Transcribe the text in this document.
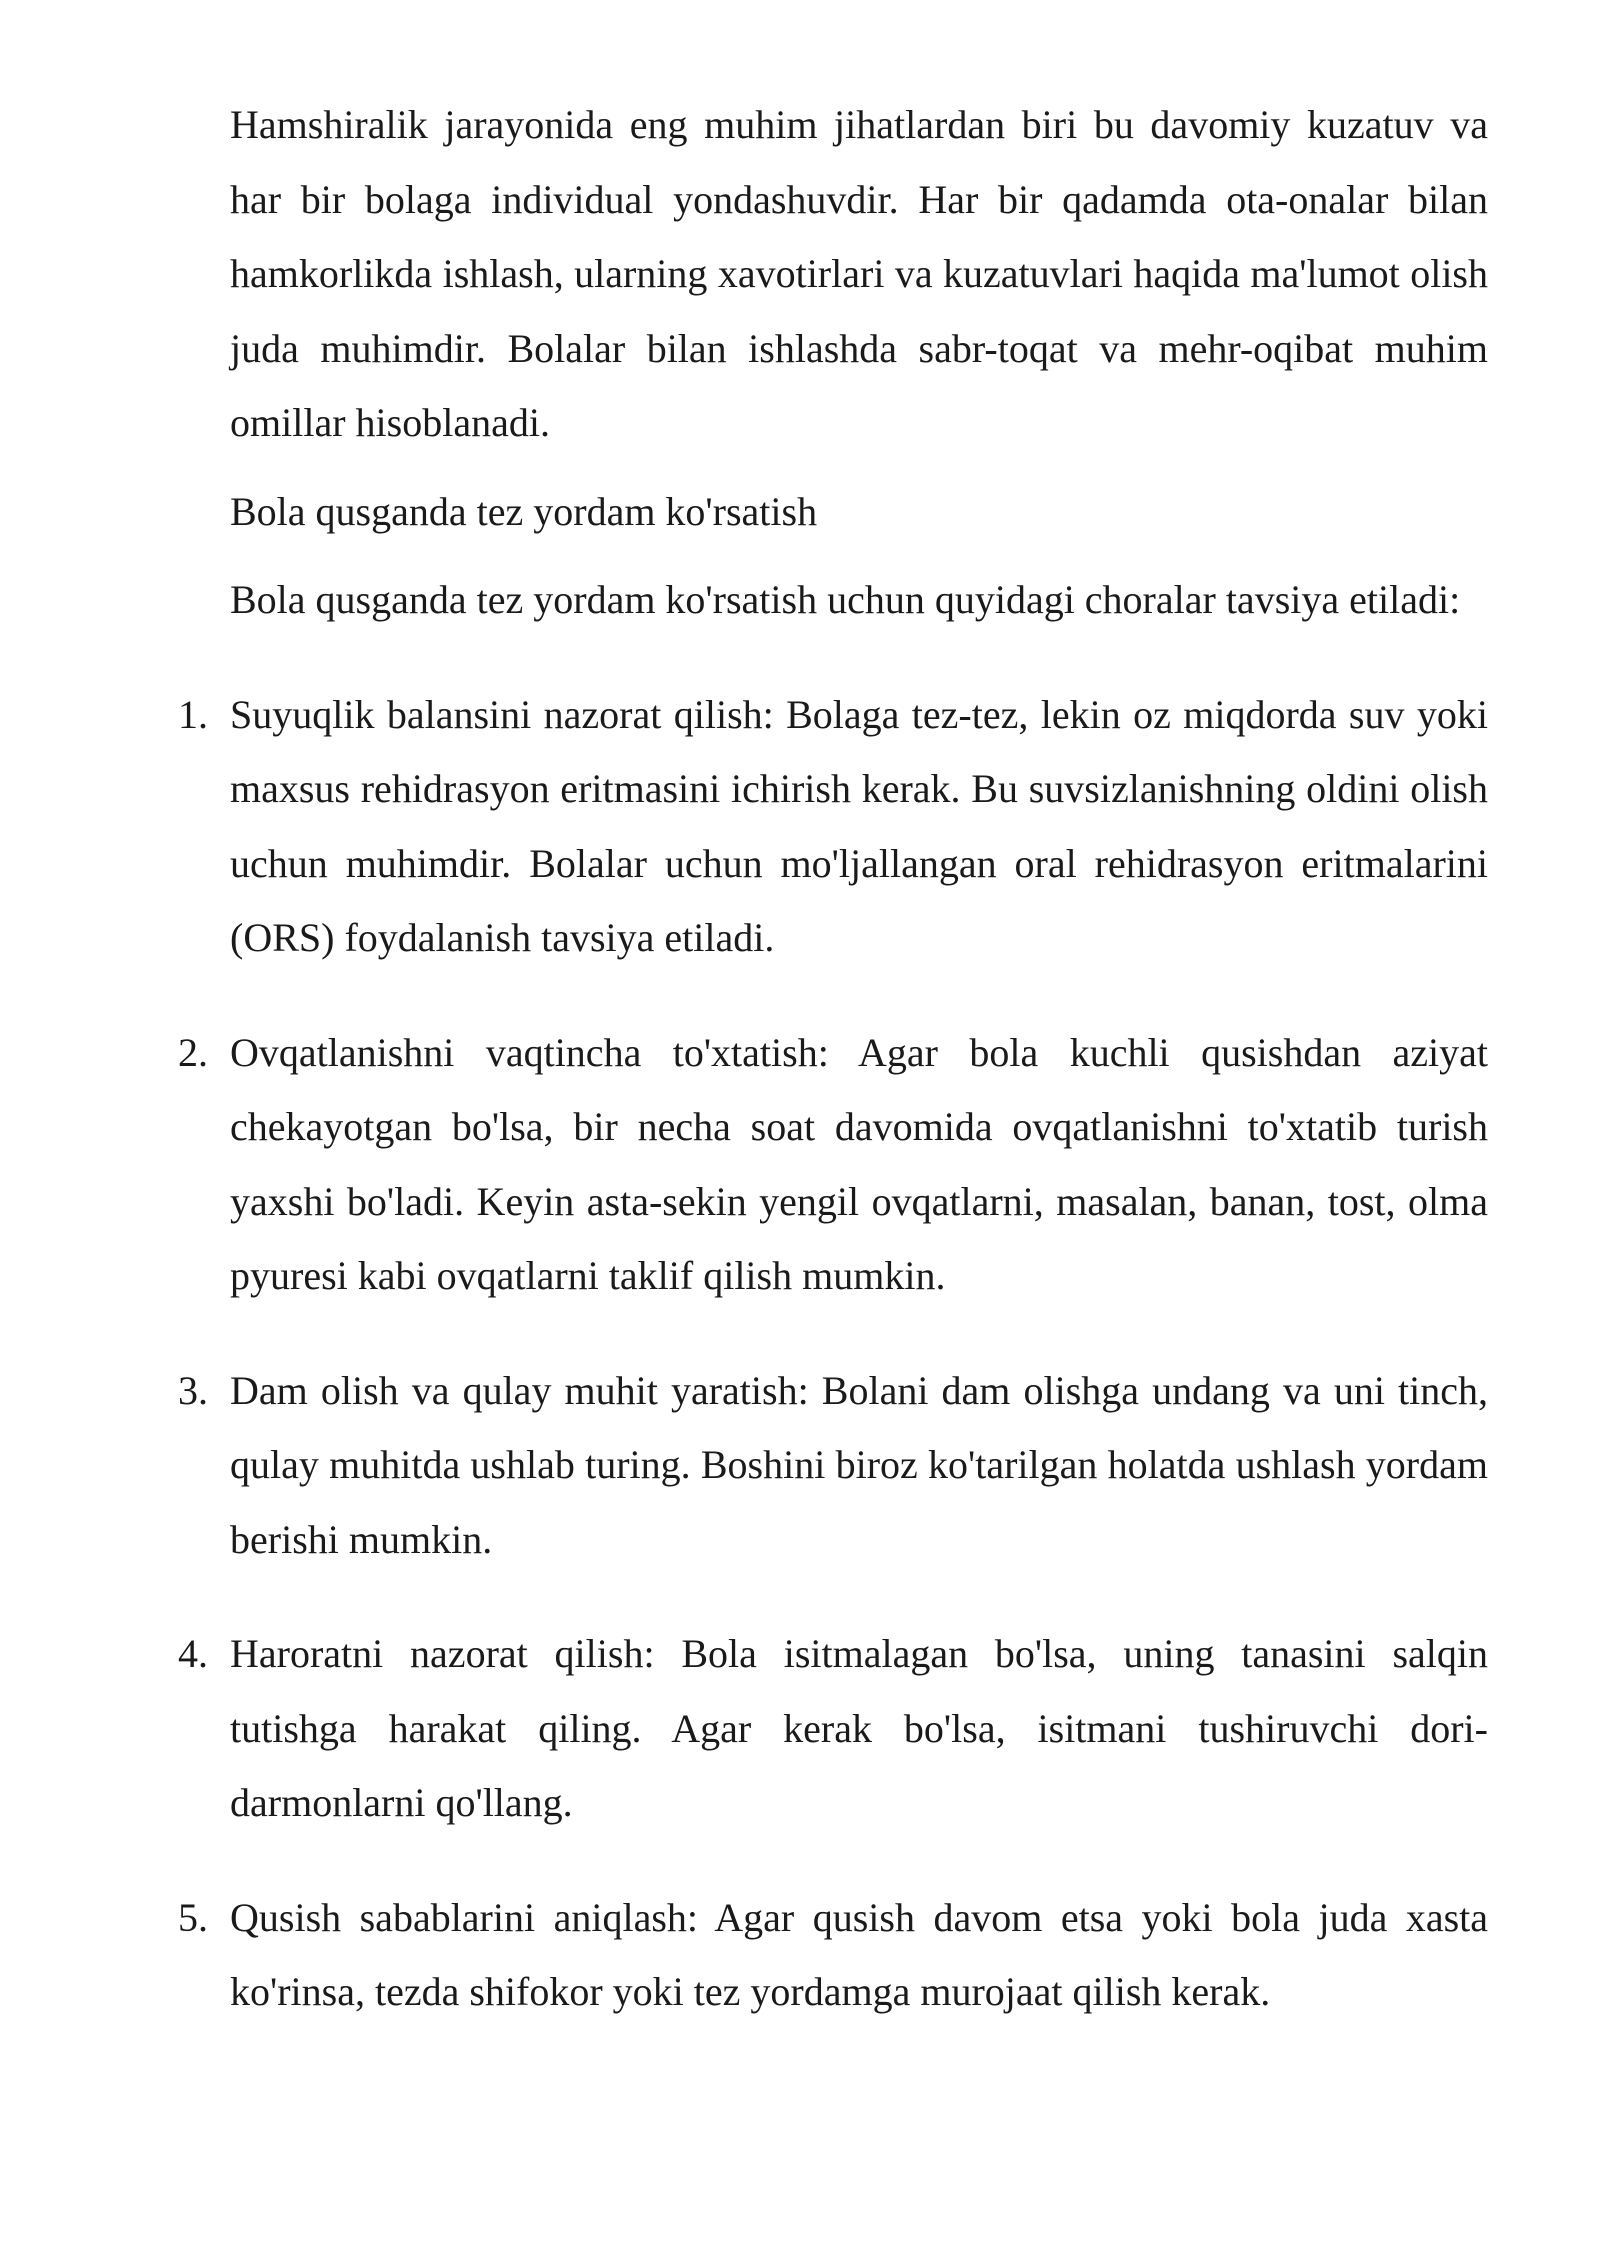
Hamshiralik jarayonida eng muhim jihatlardan biri bu davomiy kuzatuv va har bir bolaga individual yondashuvdir. Har bir qadamda ota-onalar bilan hamkorlikda ishlash, ularning xavotirlari va kuzatuvlari haqida ma'lumot olish juda muhimdir. Bolalar bilan ishlashda sabr-toqat va mehr-oqibat muhim omillar hisoblanadi.

Bola qusganda tez yordam ko'rsatish

Bola qusganda tez yordam ko'rsatish uchun quyidagi choralar tavsiya etiladi:

1. Suyuqlik balansini nazorat qilish: Bolaga tez-tez, lekin oz miqdorda suv yoki maxsus rehidrasyon eritmasini ichirish kerak. Bu suvsizlanishning oldini olish uchun muhimdir. Bolalar uchun mo'ljallangan oral rehidrasyon eritmalarini (ORS) foydalanish tavsiya etiladi.
2. Ovqatlanishni vaqtincha to'xtatish: Agar bola kuchli qusishdan aziyat chekayotgan bo'lsa, bir necha soat davomida ovqatlanishni to'xtatib turish yaxshi bo'ladi. Keyin asta-sekin yengil ovqatlarni, masalan, banan, tost, olma pyuresi kabi ovqatlarni taklif qilish mumkin.
3. Dam olish va qulay muhit yaratish: Bolani dam olishga undang va uni tinch, qulay muhitda ushlab turing. Boshini biroz ko'tarilgan holatda ushlash yordam berishi mumkin.
4. Haroratni nazorat qilish: Bola isitmalagan bo'lsa, uning tanasini salqin tutishga harakat qiling. Agar kerak bo'lsa, isitmani tushiruvchi dori-darmonlarni qo'llang.
5. Qusish sabablarini aniqlash: Agar qusish davom etsa yoki bola juda xasta ko'rinsa, tezda shifokor yoki tez yordamga murojaat qilish kerak.
